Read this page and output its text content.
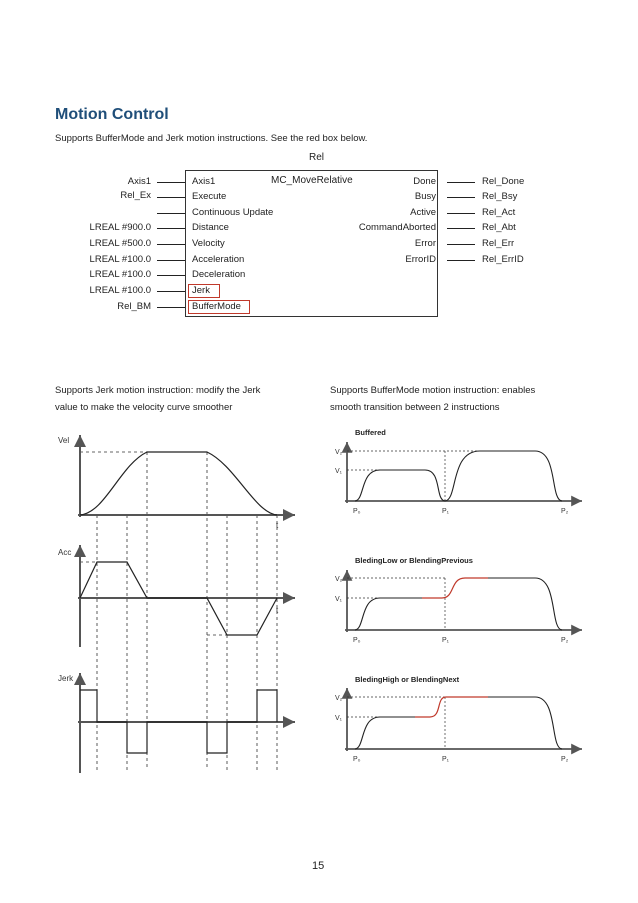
Motion Control
Supports BufferMode and Jerk motion instructions. See the red box below.
Rel
MC_MoveRelative
Axis1
Rel_Ex
LREAL #900.0
LREAL #500.0
LREAL #100.0
LREAL #100.0
LREAL #100.0
Rel_BM
Axis1
Execute
Continuous Update
Distance
Velocity
Acceleration
Deceleration
Jerk
BufferMode
Done
Busy
Active
CommandAborted
Error
ErrorID
Rel_Done
Rel_Bsy
Rel_Act
Rel_Abt
Rel_Err
Rel_ErrID
Supports Jerk motion instruction: modify the Jerk
value to make the velocity curve smoother
Supports BufferMode motion instruction: enables
smooth transition between 2 instructions
Vel
t
Acc
t
Jerk
Buffered
V₂
V₁
P₀	P₁	P₂
BledingLow or BlendingPrevious
V₂
V₁
P₀	P₁	P₂
BledingHigh or BlendingNext
V₂
V₁
P₀	P₁	P₂
15
